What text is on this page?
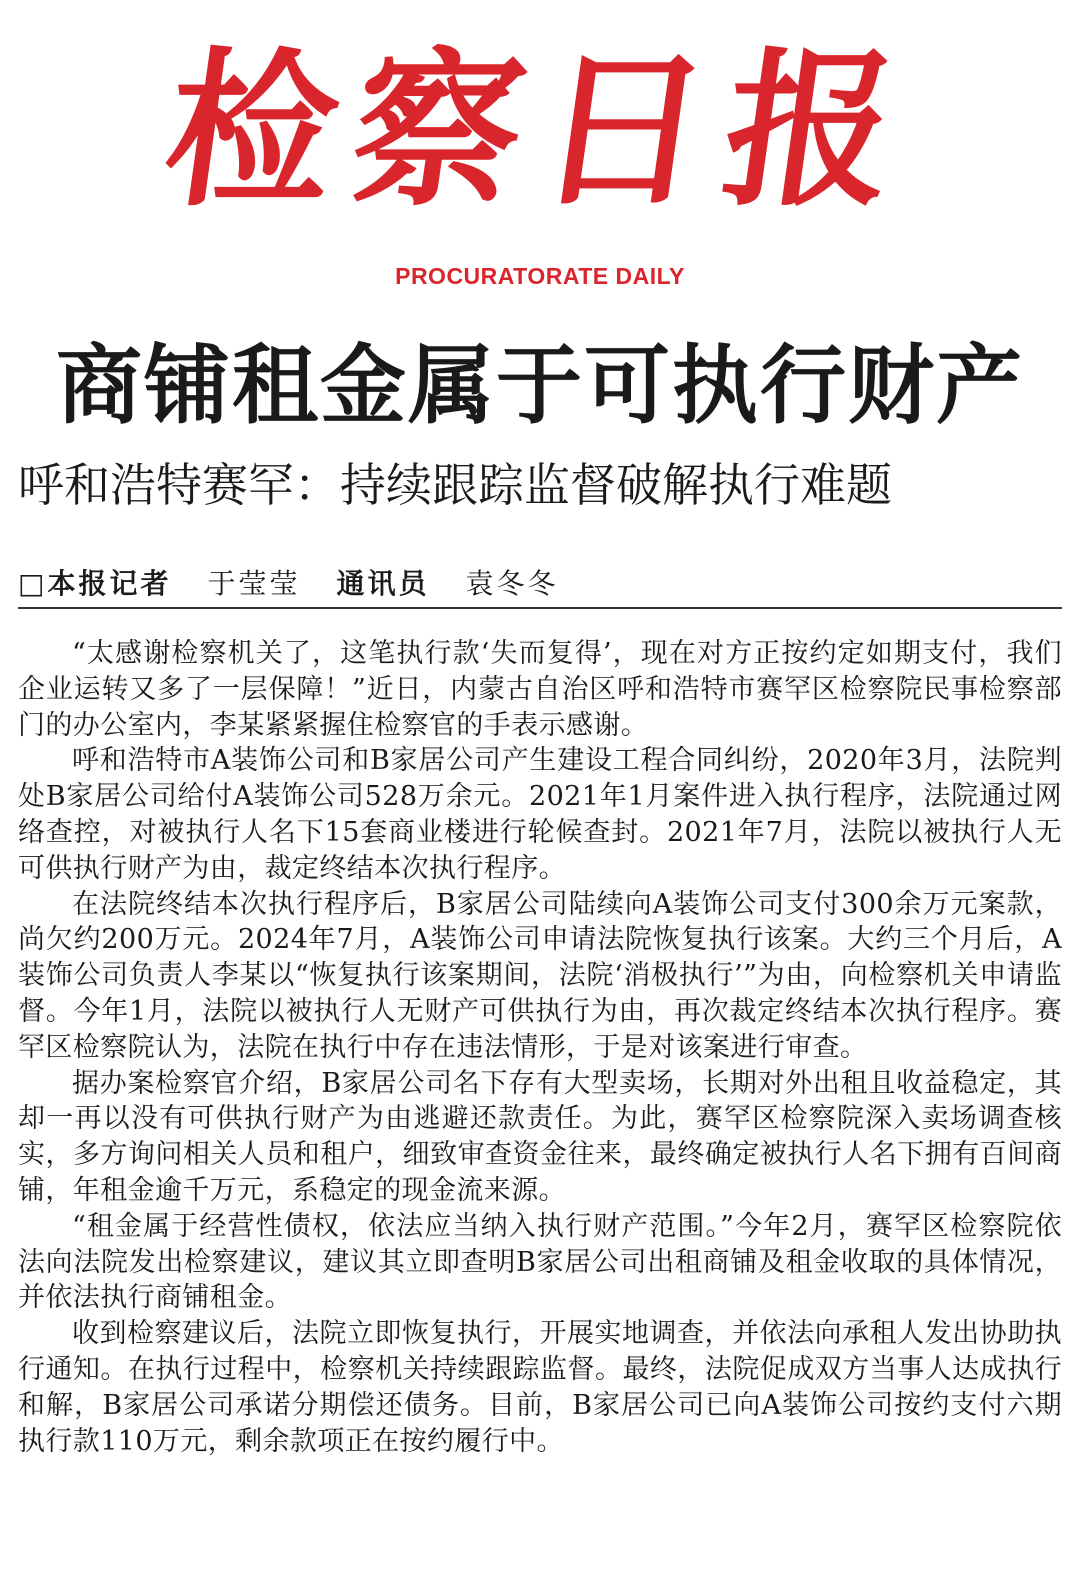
检察日报
PROCURATORATE DAILY
商铺租金属于可执行财产
呼和浩特赛罕：持续跟踪监督破解执行难题
□本报记者 于莹莹 通讯员 袁冬冬

“太感谢检察机关了，这笔执行款‘失而复得’，现在对方正按约定如期支付，我们企业运转又多了一层保障！”近日，内蒙古自治区呼和浩特市赛罕区检察院民事检察部门的办公室内，李某紧紧握住检察官的手表示感谢。

呼和浩特市A装饰公司和B家居公司产生建设工程合同纠纷，2020年3月，法院判处B家居公司给付A装饰公司528万余元。2021年1月案件进入执行程序，法院通过网络查控，对被执行人名下15套商业楼进行轮候查封。2021年7月，法院以被执行人无可供执行财产为由，裁定终结本次执行程序。

在法院终结本次执行程序后，B家居公司陆续向A装饰公司支付300余万元案款，尚欠约200万元。2024年7月，A装饰公司申请法院恢复执行该案。大约三个月后，A装饰公司负责人李某以“恢复执行该案期间，法院‘消极执行’”为由，向检察机关申请监督。今年1月，法院以被执行人无财产可供执行为由，再次裁定终结本次执行程序。赛罕区检察院认为，法院在执行中存在违法情形，于是对该案进行审查。

据办案检察官介绍，B家居公司名下存有大型卖场，长期对外出租且收益稳定，其却一再以没有可供执行财产为由逃避还款责任。为此，赛罕区检察院深入卖场调查核实，多方询问相关人员和租户，细致审查资金往来，最终确定被执行人名下拥有百间商铺，年租金逾千万元，系稳定的现金流来源。

“租金属于经营性债权，依法应当纳入执行财产范围。”今年2月，赛罕区检察院依法向法院发出检察建议，建议其立即查明B家居公司出租商铺及租金收取的具体情况，并依法执行商铺租金。

收到检察建议后，法院立即恢复执行，开展实地调查，并依法向承租人发出协助执行通知。在执行过程中，检察机关持续跟踪监督。最终，法院促成双方当事人达成执行和解，B家居公司承诺分期偿还债务。目前，B家居公司已向A装饰公司按约支付六期执行款110万元，剩余款项正在按约履行中。
